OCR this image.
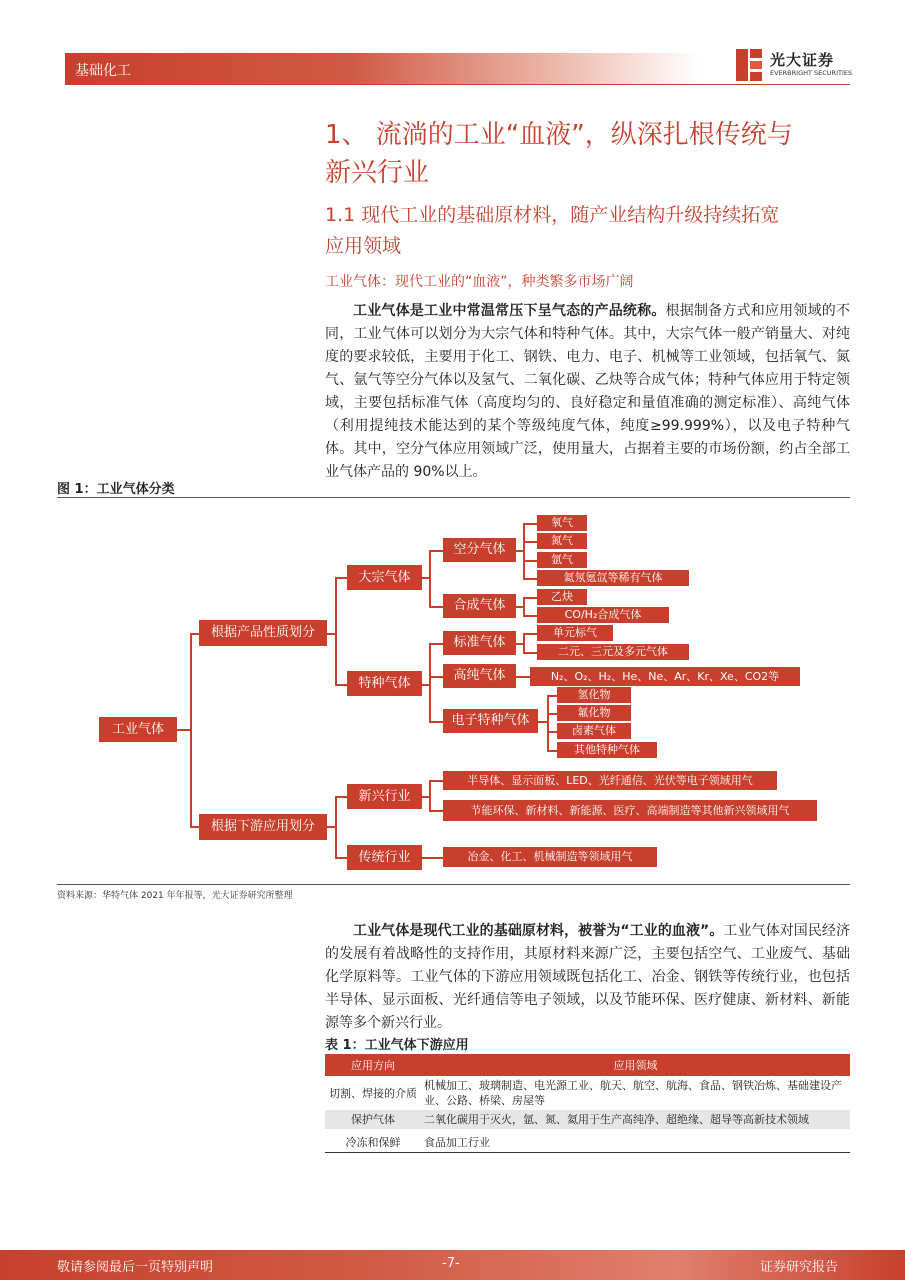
基础化工
光大证券
EVERBRIGHT SECURITIES
1、 流淌的工业“血液”，纵深扎根传统与
新兴行业
1.1 现代工业的基础原材料，随产业结构升级持续拓宽
应用领域
工业气体：现代工业的“血液”，种类繁多市场广阔
工业气体是工业中常温常压下呈气态的产品统称。根据制备方式和应用领域的不同，工业气体可以划分为大宗气体和特种气体。其中，大宗气体一般产销量大、对纯度的要求较低，主要用于化工、钢铁、电力、电子、机械等工业领域，包括氧气、氮气、氩气等空分气体以及氢气、二氧化碳、乙炔等合成气体；特种气体应用于特定领域，主要包括标准气体（高度均匀的、良好稳定和量值准确的测定标准）、高纯气体（利用提纯技术能达到的某个等级纯度气体，纯度≥99.999%），以及电子特种气体。其中，空分气体应用领域广泛，使用量大，占据着主要的市场份额，约占全部工业气体产品的 90%以上。
图 1：工业气体分类
工业气体
根据产品性质划分
根据下游应用划分
大宗气体
特种气体
新兴行业
传统行业
空分气体
合成气体
标准气体
高纯气体
电子特种气体
氧气
氮气
氩气
氦氖氪氙等稀有气体
乙炔
CO/H₂合成气体
单元标气
二元、三元及多元气体
N₂、O₂、H₂、He、Ne、Ar、Kr、Xe、CO2等
氢化物
氟化物
卤素气体
其他特种气体
半导体、显示面板、LED、光纤通信、光伏等电子领域用气
节能环保、新材料、新能源、医疗、高端制造等其他新兴领域用气
冶金、化工、机械制造等领域用气
资料来源：华特气体 2021 年年报等，光大证券研究所整理
工业气体是现代工业的基础原材料，被誉为“工业的血液”。工业气体对国民经济的发展有着战略性的支持作用，其原材料来源广泛，主要包括空气、工业废气、基础化学原料等。工业气体的下游应用领域既包括化工、冶金、钢铁等传统行业，也包括半导体、显示面板、光纤通信等电子领域，以及节能环保、医疗健康、新材料、新能源等多个新兴行业。
表 1：工业气体下游应用
应用方向	应用领域
切割、焊接的介质	机械加工、玻璃制造、电光源工业、航天、航空、航海、食品、钢铁冶炼、基础建设产业、公路、桥梁、房屋等
保护气体	二氧化碳用于灭火，氩、氮、氦用于生产高纯净、超绝缘、超导等高新技术领域
冷冻和保鲜	食品加工行业
敬请参阅最后一页特别声明	-7-	证券研究报告
